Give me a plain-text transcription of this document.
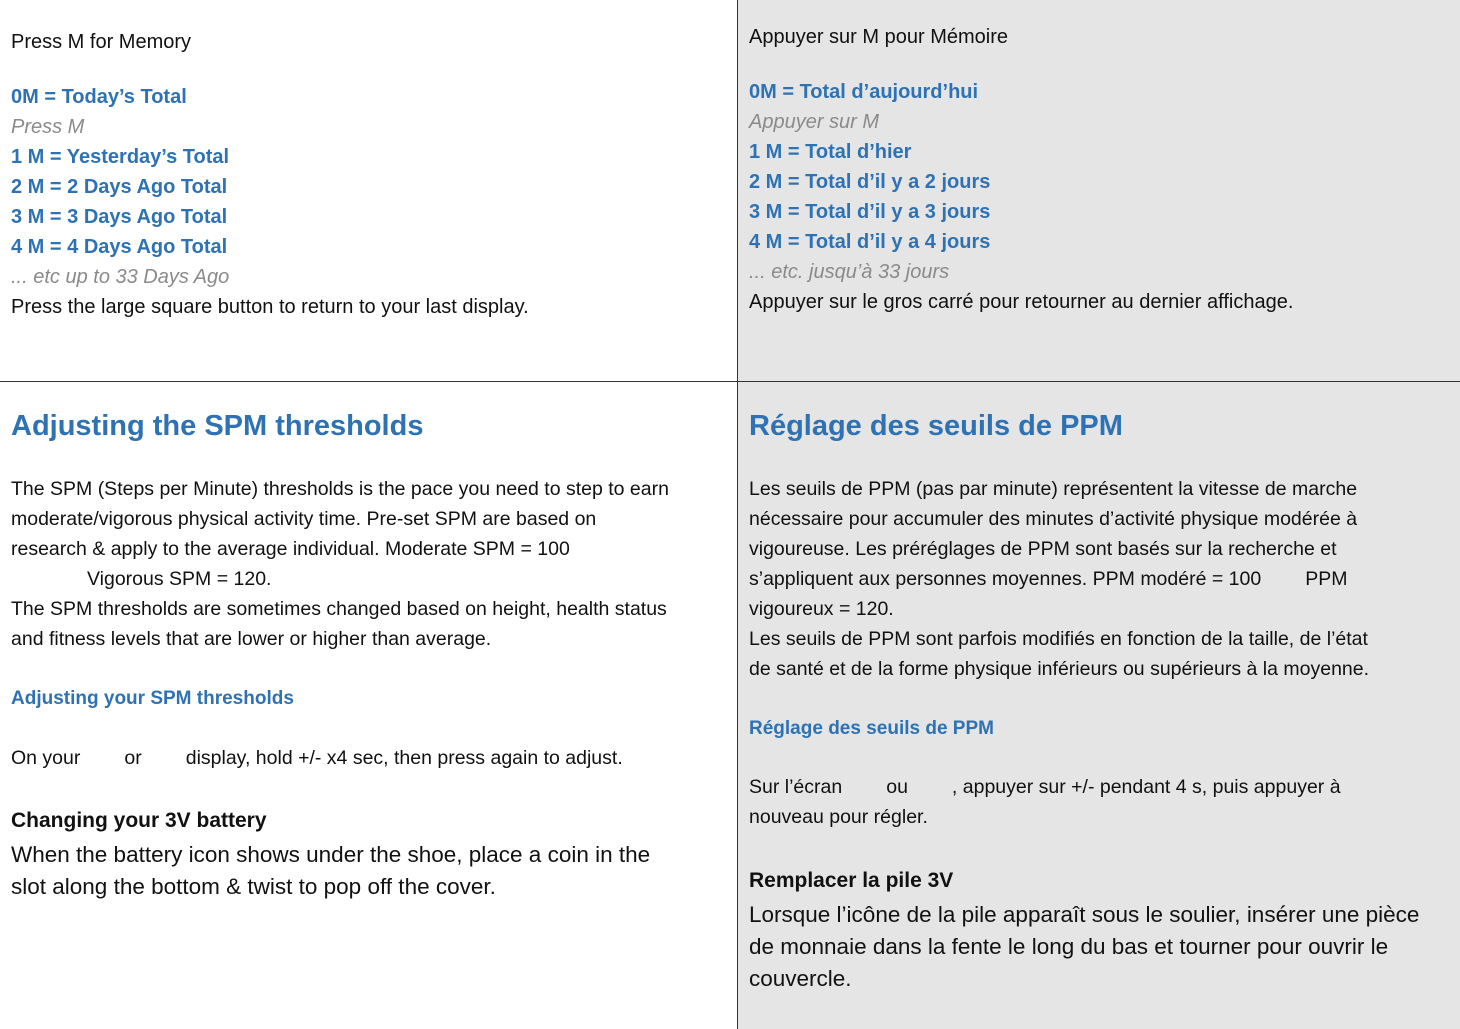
Press M for Memory
0M = Today’s Total
Press M
1 M = Yesterday’s Total
2 M = 2 Days Ago Total
3 M = 3 Days Ago Total
4 M = 4 Days Ago Total
... etc up to 33 Days Ago
Press the large square button to return to your last display.
Appuyer sur M pour Mémoire
0M = Total d’aujourd’hui
Appuyer sur M
1 M = Total d’hier
2 M = Total d’il y a 2 jours
3 M = Total d’il y a 3 jours
4 M = Total d’il y a 4 jours
... etc. jusqu’à 33 jours
Appuyer sur le gros carré pour retourner au dernier affichage.
Adjusting the SPM thresholds
The SPM (Steps per Minute) thresholds is the pace you need to step to earn
moderate/vigorous physical activity time. Pre-set SPM are based on
research & apply to the average individual. Moderate SPM = 100
Vigorous SPM = 120.
The SPM thresholds are sometimes changed based on height, health status
and fitness levels that are lower or higher than average.
Adjusting your SPM thresholds
On your or display, hold +/- x4 sec, then press again to adjust.
Changing your 3V battery
When the battery icon shows under the shoe, place a coin in the
slot along the bottom & twist to pop off the cover.
Réglage des seuils de PPM
Les seuils de PPM (pas par minute) représentent la vitesse de marche
nécessaire pour accumuler des minutes d’activité physique modérée à
vigoureuse. Les préréglages de PPM sont basés sur la recherche et
s’appliquent aux personnes moyennes. PPM modéré = 100 PPM
vigoureux = 120.
Les seuils de PPM sont parfois modifiés en fonction de la taille, de l’état
de santé et de la forme physique inférieurs ou supérieurs à la moyenne.
Réglage des seuils de PPM
Sur l’écran ou , appuyer sur +/- pendant 4 s, puis appuyer à
nouveau pour régler.
Remplacer la pile 3V
Lorsque l’icône de la pile apparaît sous le soulier, insérer une pièce
de monnaie dans la fente le long du bas et tourner pour ouvrir le
couvercle.
